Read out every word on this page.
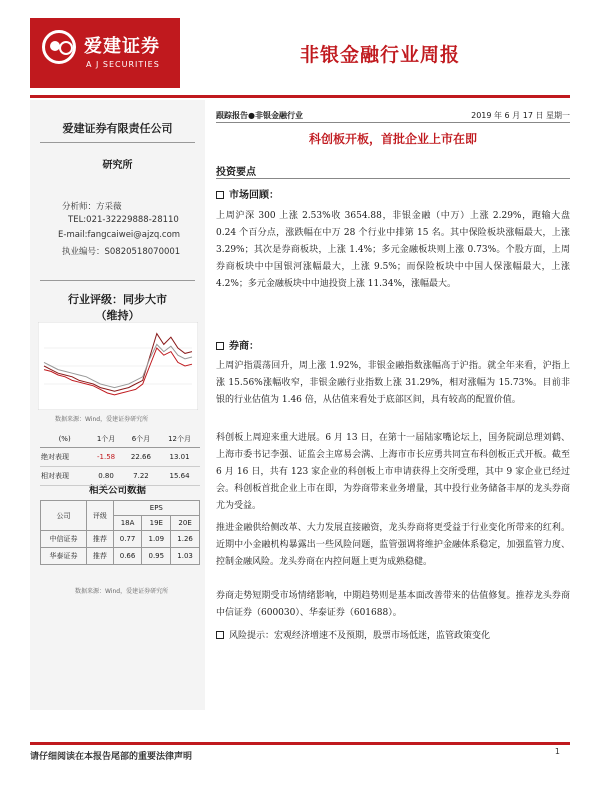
爱建证券
A J SECURITIES	非银金融行业周报
爱建证券有限责任公司
研究所
分析师：方采薇
TEL:021-32229888-28110
E-mail:fangcaiwei@ajzq.com
执业编号：S0820518070001
行业评级：同步大市
（维持）
相关公司数据
数据来源：Wind，爱建证券研究所
(%)	1个月	6个月	12个月
绝对表现	-1.58	22.66	13.01
相对表现	0.80	7.22	15.64
公司	评级	EPS		
		18A	19E	20E
中信证券	推荐	0.77	1.09	1.26
华泰证券	推荐	0.66	0.95	1.03
数据来源：Wind，爱建证券研究所
跟踪报告●非银金融行业	2019 年 6 月 17 日 星期一
科创板开板，首批企业上市在即
投资要点
市场回顾：
上周沪深 300 上涨 2.53%收 3654.88，非银金融（中万）上涨 2.29%，跑输大盘 0.24 个百分点，涨跌幅在中万 28 个行业中排第 15 名。其中保险板块涨幅最大，上涨 3.29%；其次是券商板块，上涨 1.4%；多元金融板块则上涨 0.73%。个股方面，上周券商板块中中国银河涨幅最大，上涨 9.5%；而保险板块中中国人保涨幅最大，上涨 4.2%；多元金融板块中中迪投资上涨 11.34%，涨幅最大。
券商：
上周沪指震荡回升，周上涨 1.92%，非银金融指数涨幅高于沪指。就全年来看，沪指上涨 15.56%涨幅收窄，非银金融行业指数上涨 31.29%，相对涨幅为 15.73%。目前非银的行业估值为 1.46 倍，从估值来看处于底部区间，具有较高的配置价值。
科创板上周迎来重大进展。6 月 13 日，在第十一届陆家嘴论坛上，国务院副总理刘鹤、上海市委书记李强、证监会主席易会满、上海市市长应勇共同宣布科创板正式开板。截至 6 月 16 日，共有 123 家企业的科创板上市申请获得上交所受理，其中 9 家企业已经过会。科创板首批企业上市在即，为券商带来业务增量，其中投行业务储备丰厚的龙头券商尤为受益。
推进金融供给侧改革、大力发展直接融资，龙头券商将更受益于行业变化所带来的红利。近期中小金融机构暴露出一些风险问题，监管强调将维护金融体系稳定，加强监管力度、控制金融风险。龙头券商在内控问题上更为成熟稳健。
券商走势短期受市场情绪影响，中期趋势则是基本面改善带来的估值修复。推荐龙头券商中信证券（600030）、华泰证券（601688）。
风险提示：宏观经济增速不及预期，股票市场低迷，监管政策变化
请仔细阅读在本报告尾部的重要法律声明
1
